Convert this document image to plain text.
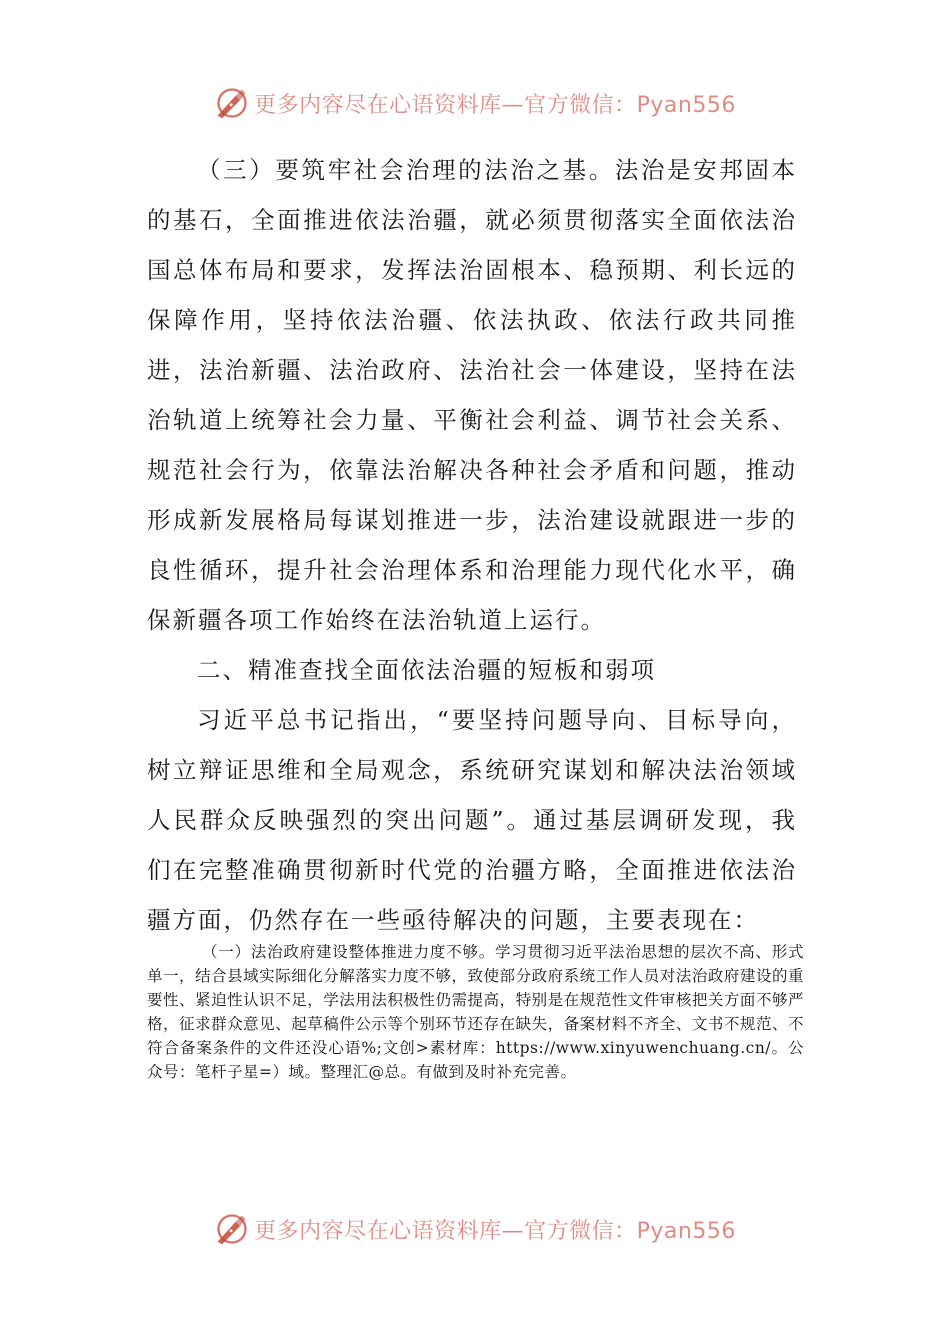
更多内容尽在心语资料库—官方微信：Pyan556

（三）要筑牢社会治理的法治之基。法治是安邦固本的基石，全面推进依法治疆，就必须贯彻落实全面依法治国总体布局和要求，发挥法治固根本、稳预期、利长远的保障作用，坚持依法治疆、依法执政、依法行政共同推进，法治新疆、法治政府、法治社会一体建设，坚持在法治轨道上统筹社会力量、平衡社会利益、调节社会关系、规范社会行为，依靠法治解决各种社会矛盾和问题，推动形成新发展格局每谋划推进一步，法治建设就跟进一步的良性循环，提升社会治理体系和治理能力现代化水平，确保新疆各项工作始终在法治轨道上运行。

二、精准查找全面依法治疆的短板和弱项

习近平总书记指出，“要坚持问题导向、目标导向，树立辩证思维和全局观念，系统研究谋划和解决法治领域人民群众反映强烈的突出问题”。通过基层调研发现，我们在完整准确贯彻新时代党的治疆方略，全面推进依法治疆方面，仍然存在一些亟待解决的问题，主要表现在：

（一）法治政府建设整体推进力度不够。学习贯彻习近平法治思想的层次不高、形式单一，结合县域实际细化分解落实力度不够，致使部分政府系统工作人员对法治政府建设的重要性、紧迫性认识不足，学法用法积极性仍需提高，特别是在规范性文件审核把关方面不够严格，征求群众意见、起草稿件公示等个别环节还存在缺失，备案材料不齐全、文书不规范、不符合备案条件的文件还没心语%;文创>素材库：https://www.xinyuwenchuang.cn/。公众号：笔杆子星=）域。整理汇@总。有做到及时补充完善。

更多内容尽在心语资料库—官方微信：Pyan556
